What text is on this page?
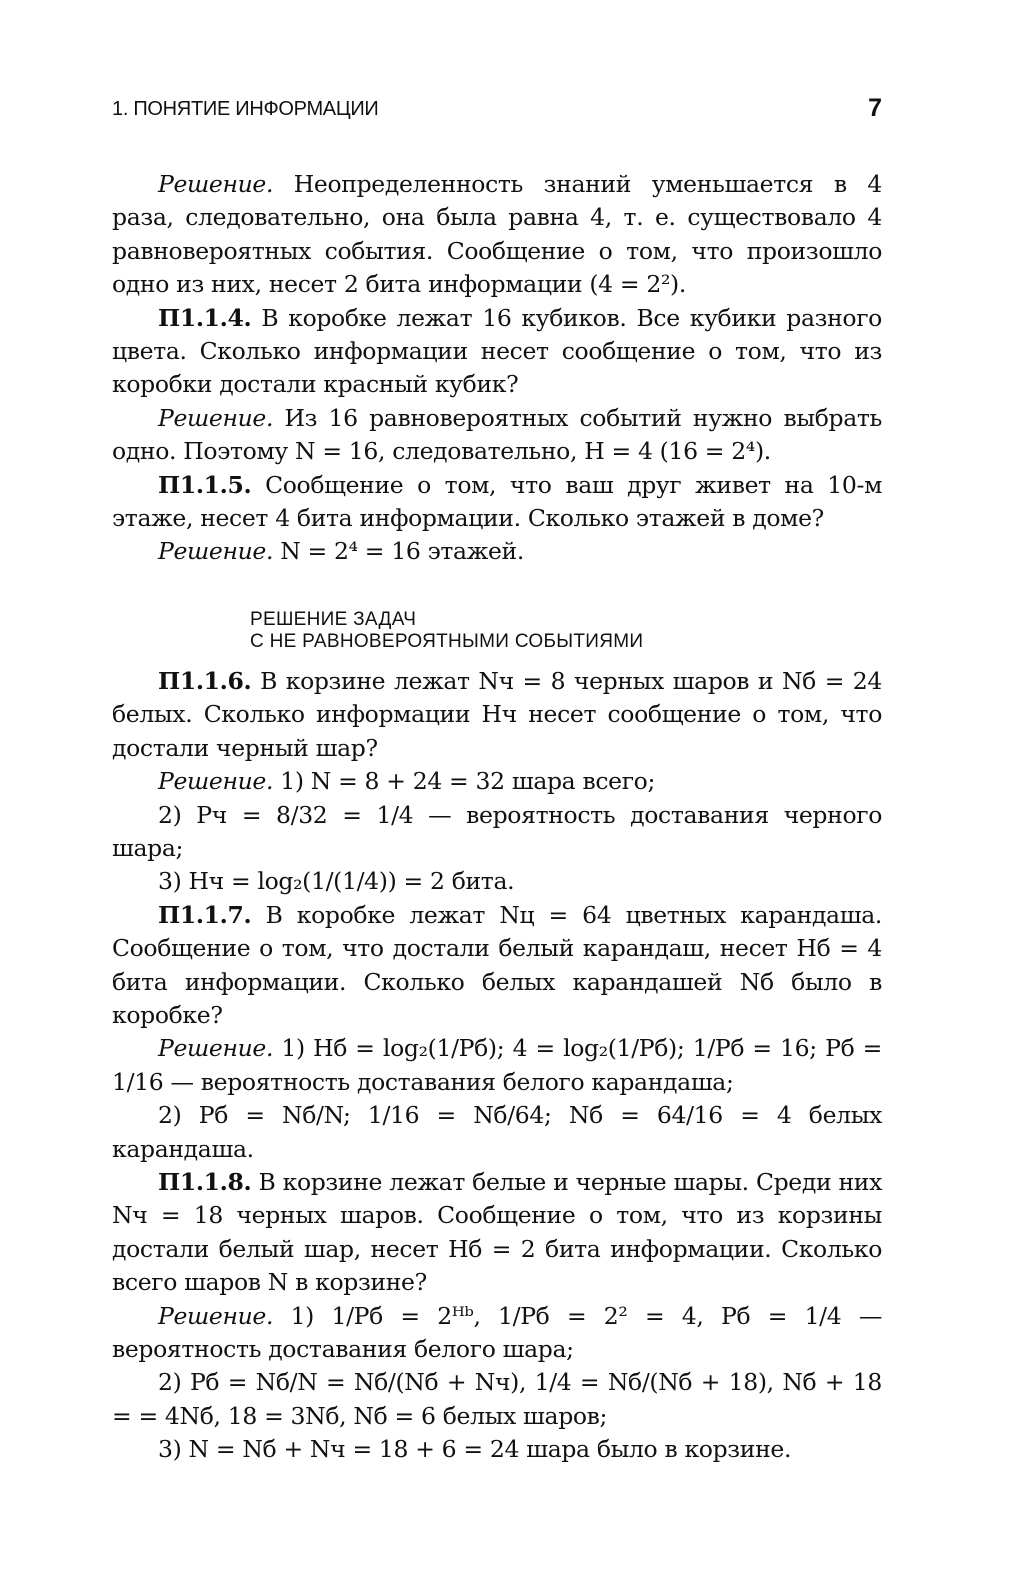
1. ПОНЯТИЕ ИНФОРМАЦИИ	7

Решение. Неопределенность знаний уменьшается в 4 раза, следовательно, она была равна 4, т. е. существовало 4 равновероятных события. Сообщение о том, что произошло одно из них, несет 2 бита информации (4 = 2²).

П1.1.4. В коробке лежат 16 кубиков. Все кубики разного цвета. Сколько информации несет сообщение о том, что из коробки достали красный кубик?

Решение. Из 16 равновероятных событий нужно выбрать одно. Поэтому N = 16, следовательно, H = 4 (16 = 2⁴).

П1.1.5. Сообщение о том, что ваш друг живет на 10-м этаже, несет 4 бита информации. Сколько этажей в доме?

Решение. N = 2⁴ = 16 этажей.

РЕШЕНИЕ ЗАДАЧ
С НЕ РАВНОВЕРОЯТНЫМИ СОБЫТИЯМИ

П1.1.6. В корзине лежат Nч = 8 черных шаров и Nб = 24 белых. Сколько информации Hч несет сообщение о том, что достали черный шар?

Решение. 1) N = 8 + 24 = 32 шара всего;

2) Pч = 8/32 = 1/4 — вероятность доставания черного шара;

3) Hч = log₂(1/(1/4)) = 2 бита.

П1.1.7. В коробке лежат Nц = 64 цветных карандаша. Сообщение о том, что достали белый карандаш, несет Hб = 4 бита информации. Сколько белых карандашей Nб было в коробке?

Решение. 1) Hб = log₂(1/Pб); 4 = log₂(1/Pб); 1/Pб = 16; Pб = 1/16 — вероятность доставания белого карандаша;

2) Pб = Nб/N; 1/16 = Nб/64; Nб = 64/16 = 4 белых карандаша.

П1.1.8. В корзине лежат белые и черные шары. Среди них Nч = 18 черных шаров. Сообщение о том, что из корзины достали белый шар, несет Hб = 2 бита информации. Сколько всего шаров N в корзине?

Решение. 1) 1/Pб = 2ᴴᵇ, 1/Pб = 2² = 4, Pб = 1/4 — вероятность доставания белого шара;

2) Pб = Nб/N = Nб/(Nб + Nч), 1/4 = Nб/(Nб + 18), Nб + 18 = = 4Nб, 18 = 3Nб, Nб = 6 белых шаров;

3) N = Nб + Nч = 18 + 6 = 24 шара было в корзине.
